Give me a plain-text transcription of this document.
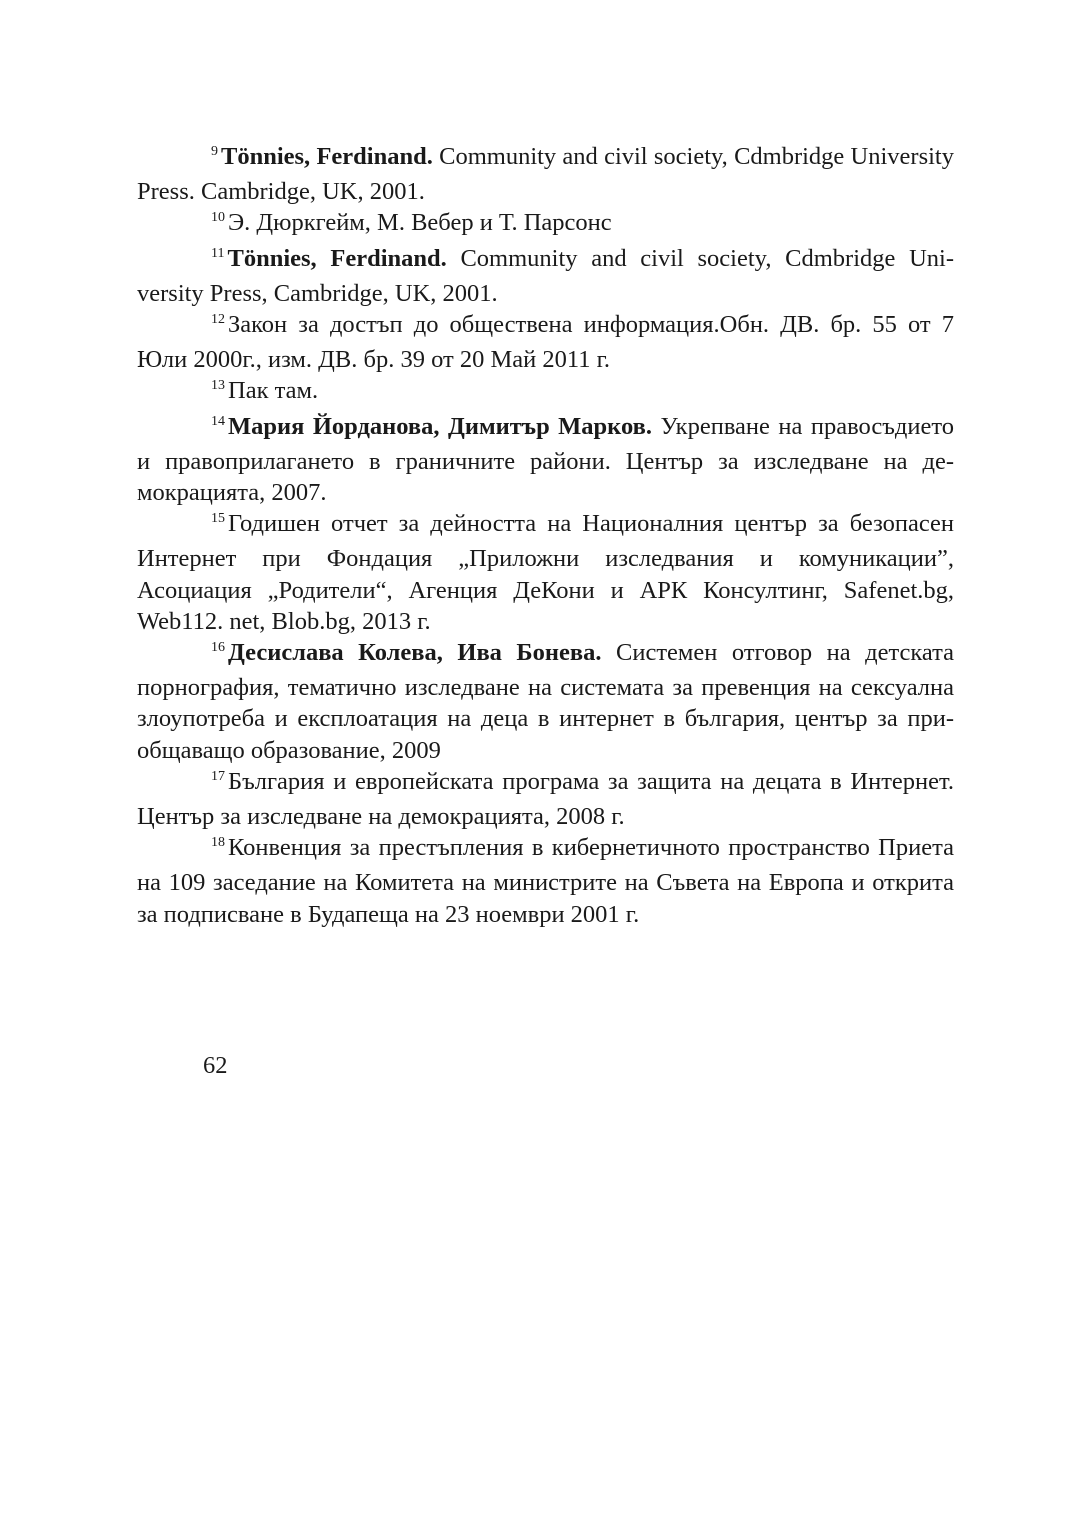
$^9$ Tönnies, Ferdinand. Community and civil society, Cdmbridge University Press. Cambridge, UK, 2001.

$^{10}$ Э. Дюркгейм, М. Вебер и Т. Парсонс

$^{11}$ Tönnies, Ferdinand. Community and civil society, Cdmbridge University Press, Cambridge, UK, 2001.

$^{12}$ Закон за достъп до обществена информация.Обн. ДВ. бр. 55 от 7 Юли 2000г., изм. ДВ. бр. 39 от 20 Май 2011 г.

$^{13}$ Пак там.

$^{14}$ Мария Йорданова, Димитър Марков. Укрепване на правосъдието и правоприлагането в граничните райони. Център за изследване на демокрацията, 2007.

$^{15}$ Годишен отчет за дейността на Националния център за безопасен Интернет при Фондация „Приложни изследвания и комуникации”, Асоциация „Родители“, Агенция ДеКони и АРК Консултинг, Safenet.bg, Web112. net, Blob.bg, 2013 г.

$^{16}$ Десислава Колева, Ива Бонева. Системен отговор на детската порнография, тематично изследване на системата за превенция на сексуална злоупотреба и експлоатация на деца в интернет в българия, център за приобщаващо образование, 2009

$^{17}$ България и европейската програма за защита на децата в Интернет. Център за изследване на демокрацията, 2008 г.

$^{18}$ Конвенция за престъпления в кибернетичното пространство Приета на 109 заседание на Комитета на министрите на Съвета на Европа и открита за подписване в Будапеща на 23 ноември 2001 г.

62
